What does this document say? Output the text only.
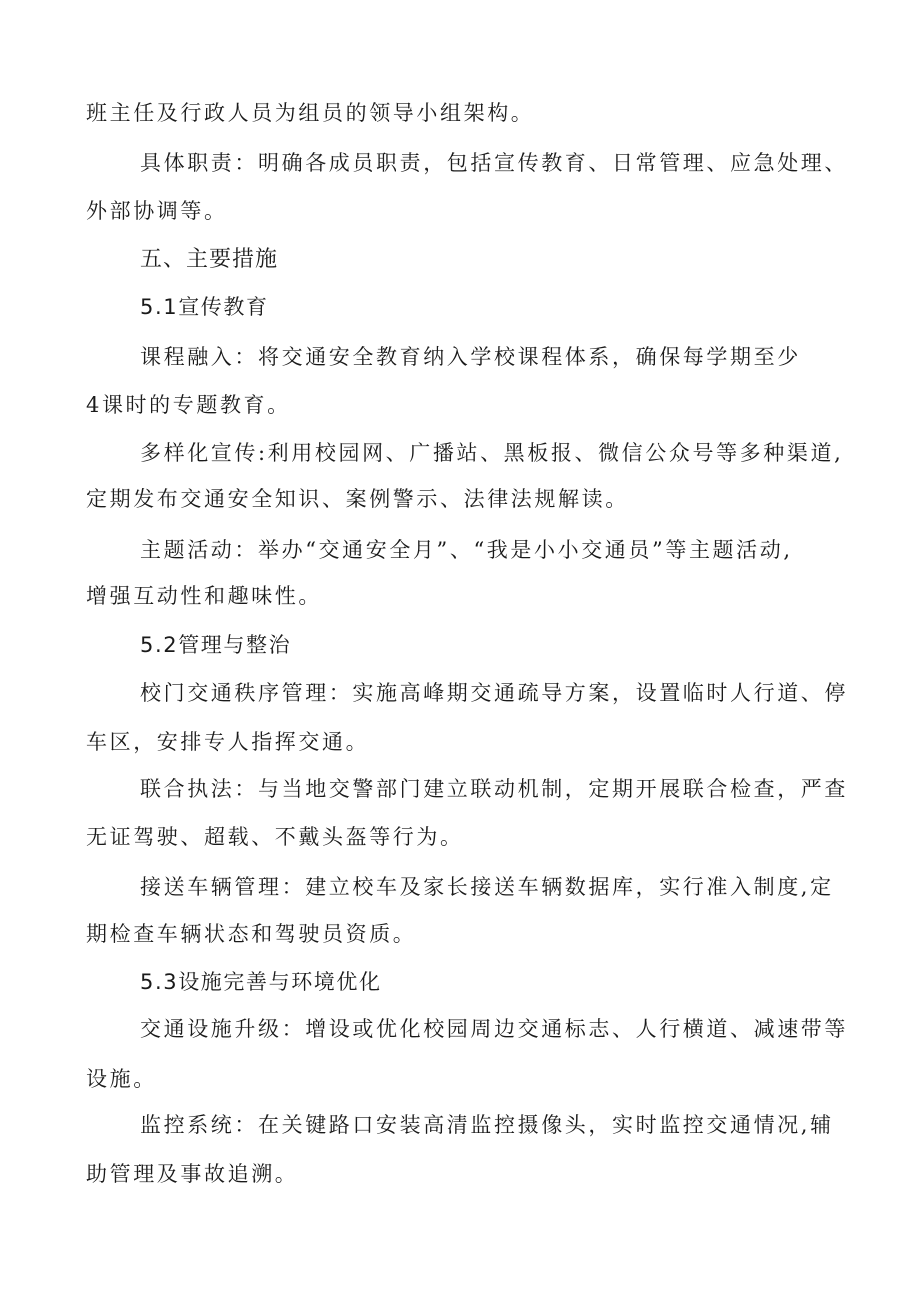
班主任及行政人员为组员的领导小组架构。
具体职责：明确各成员职责，包括宣传教育、日常管理、应急处理、
外部协调等。
五、主要措施
5.1宣传教育
课程融入：将交通安全教育纳入学校课程体系，确保每学期至少
4课时的专题教育。
多样化宣传:利用校园网、广播站、黑板报、微信公众号等多种渠道,
定期发布交通安全知识、案例警示、法律法规解读。
主题活动：举办“交通安全月”、“我是小小交通员”等主题活动,
增强互动性和趣味性。
5.2管理与整治
校门交通秩序管理：实施高峰期交通疏导方案，设置临时人行道、停
车区，安排专人指挥交通。
联合执法：与当地交警部门建立联动机制，定期开展联合检查，严查
无证驾驶、超载、不戴头盔等行为。
接送车辆管理：建立校车及家长接送车辆数据库，实行准入制度,定
期检查车辆状态和驾驶员资质。
5.3设施完善与环境优化
交通设施升级：增设或优化校园周边交通标志、人行横道、减速带等
设施。
监控系统：在关键路口安装高清监控摄像头，实时监控交通情况,辅
助管理及事故追溯。
